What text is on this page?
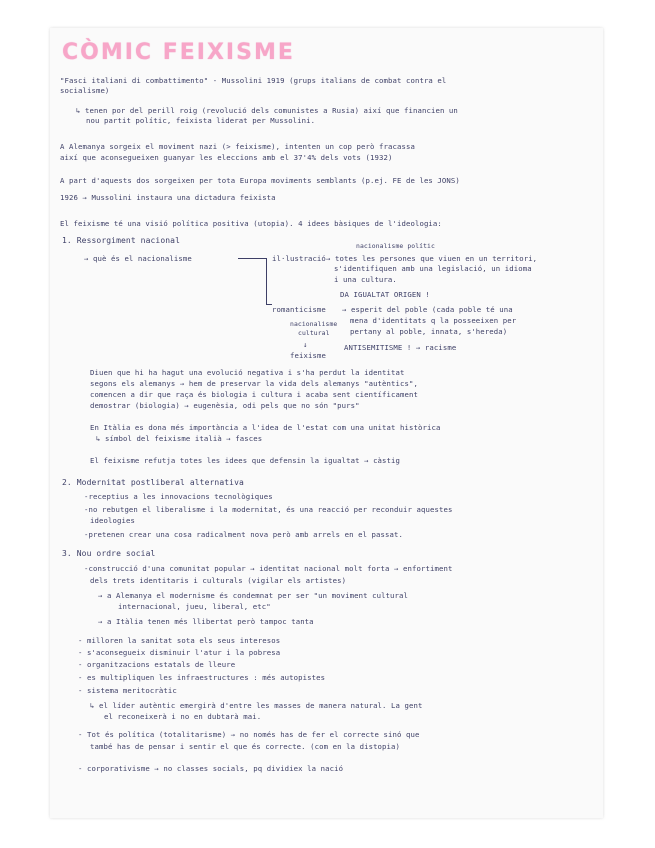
CÒMIC FEIXISME
"Fasci italiani di combattimento" - Mussolini 1919 (grups italians de combat contra el
socialisme)
↳ tenen por del perill roig (revolució dels comunistes a Rusia) així que financien un
nou partit polític, feixista liderat per Mussolini.
A Alemanya sorgeix el moviment nazi (> feixisme), intenten un cop però fracassa
així que aconsegueixen guanyar les eleccions amb el 37'4% dels vots (1932)
A part d'aquests dos sorgeixen per tota Europa moviments semblants (p.ej. FE de les JONS)
1926 → Mussolini instaura una dictadura feixista
El feixisme té una visió política positiva (utopia). 4 idees bàsiques de l'ideologia:
1. Ressorgiment nacional
→ què és el nacionalisme
nacionalisme polític
il·lustració → totes les persones que viuen en un territori,
s'identifiquen amb una legislació, un idioma
i una cultura.
DA IGUALTAT ORIGEN !
romanticisme → esperit del poble (cada poble té una
mena d'identitats q la posseeixen per
pertany al poble, innata, s'hereda)
ANTISEMITISME ! → racisme
nacionalisme
cultural
↓
feixisme
Diuen que hi ha hagut una evolució negativa i s'ha perdut la identitat
segons els alemanys → hem de preservar la vida dels alemanys "autèntics",
comencen a dir que raça és biologia i cultura i acaba sent científicament
demostrar (biologia) → eugenèsia, odi pels que no són "purs"
En Itàlia es dona més importància a l'idea de l'estat com una unitat històrica
↳ símbol del feixisme italià → fasces
El feixisme refutja totes les idees que defensin la igualtat → càstig
2. Modernitat postliberal alternativa
-receptius a les innovacions tecnològiques
-no rebutgen el liberalisme i la modernitat, és una reacció per reconduir aquestes
ideologies
-pretenen crear una cosa radicalment nova però amb arrels en el passat.
3. Nou ordre social
-construcció d'una comunitat popular → identitat nacional molt forta → enfortiment
dels trets identitaris i culturals (vigilar els artistes)
→ a Alemanya el modernisme és condemnat per ser "un moviment cultural
internacional, jueu, liberal, etc"
→ a Itàlia tenen més llibertat però tampoc tanta
- milloren la sanitat sota els seus interesos
- s'aconsegueix disminuir l'atur i la pobresa
- organitzacions estatals de lleure
- es multipliquen les infraestructures : més autopistes
- sistema meritocràtic
↳ el líder autèntic emergirà d'entre les masses de manera natural. La gent
el reconeixerà i no en dubtarà mai.
- Tot és política (totalitarisme) → no només has de fer el correcte sinó que
també has de pensar i sentir el que és correcte. (com en la distopia)
- corporativisme → no classes socials, pq dividiex la nació
